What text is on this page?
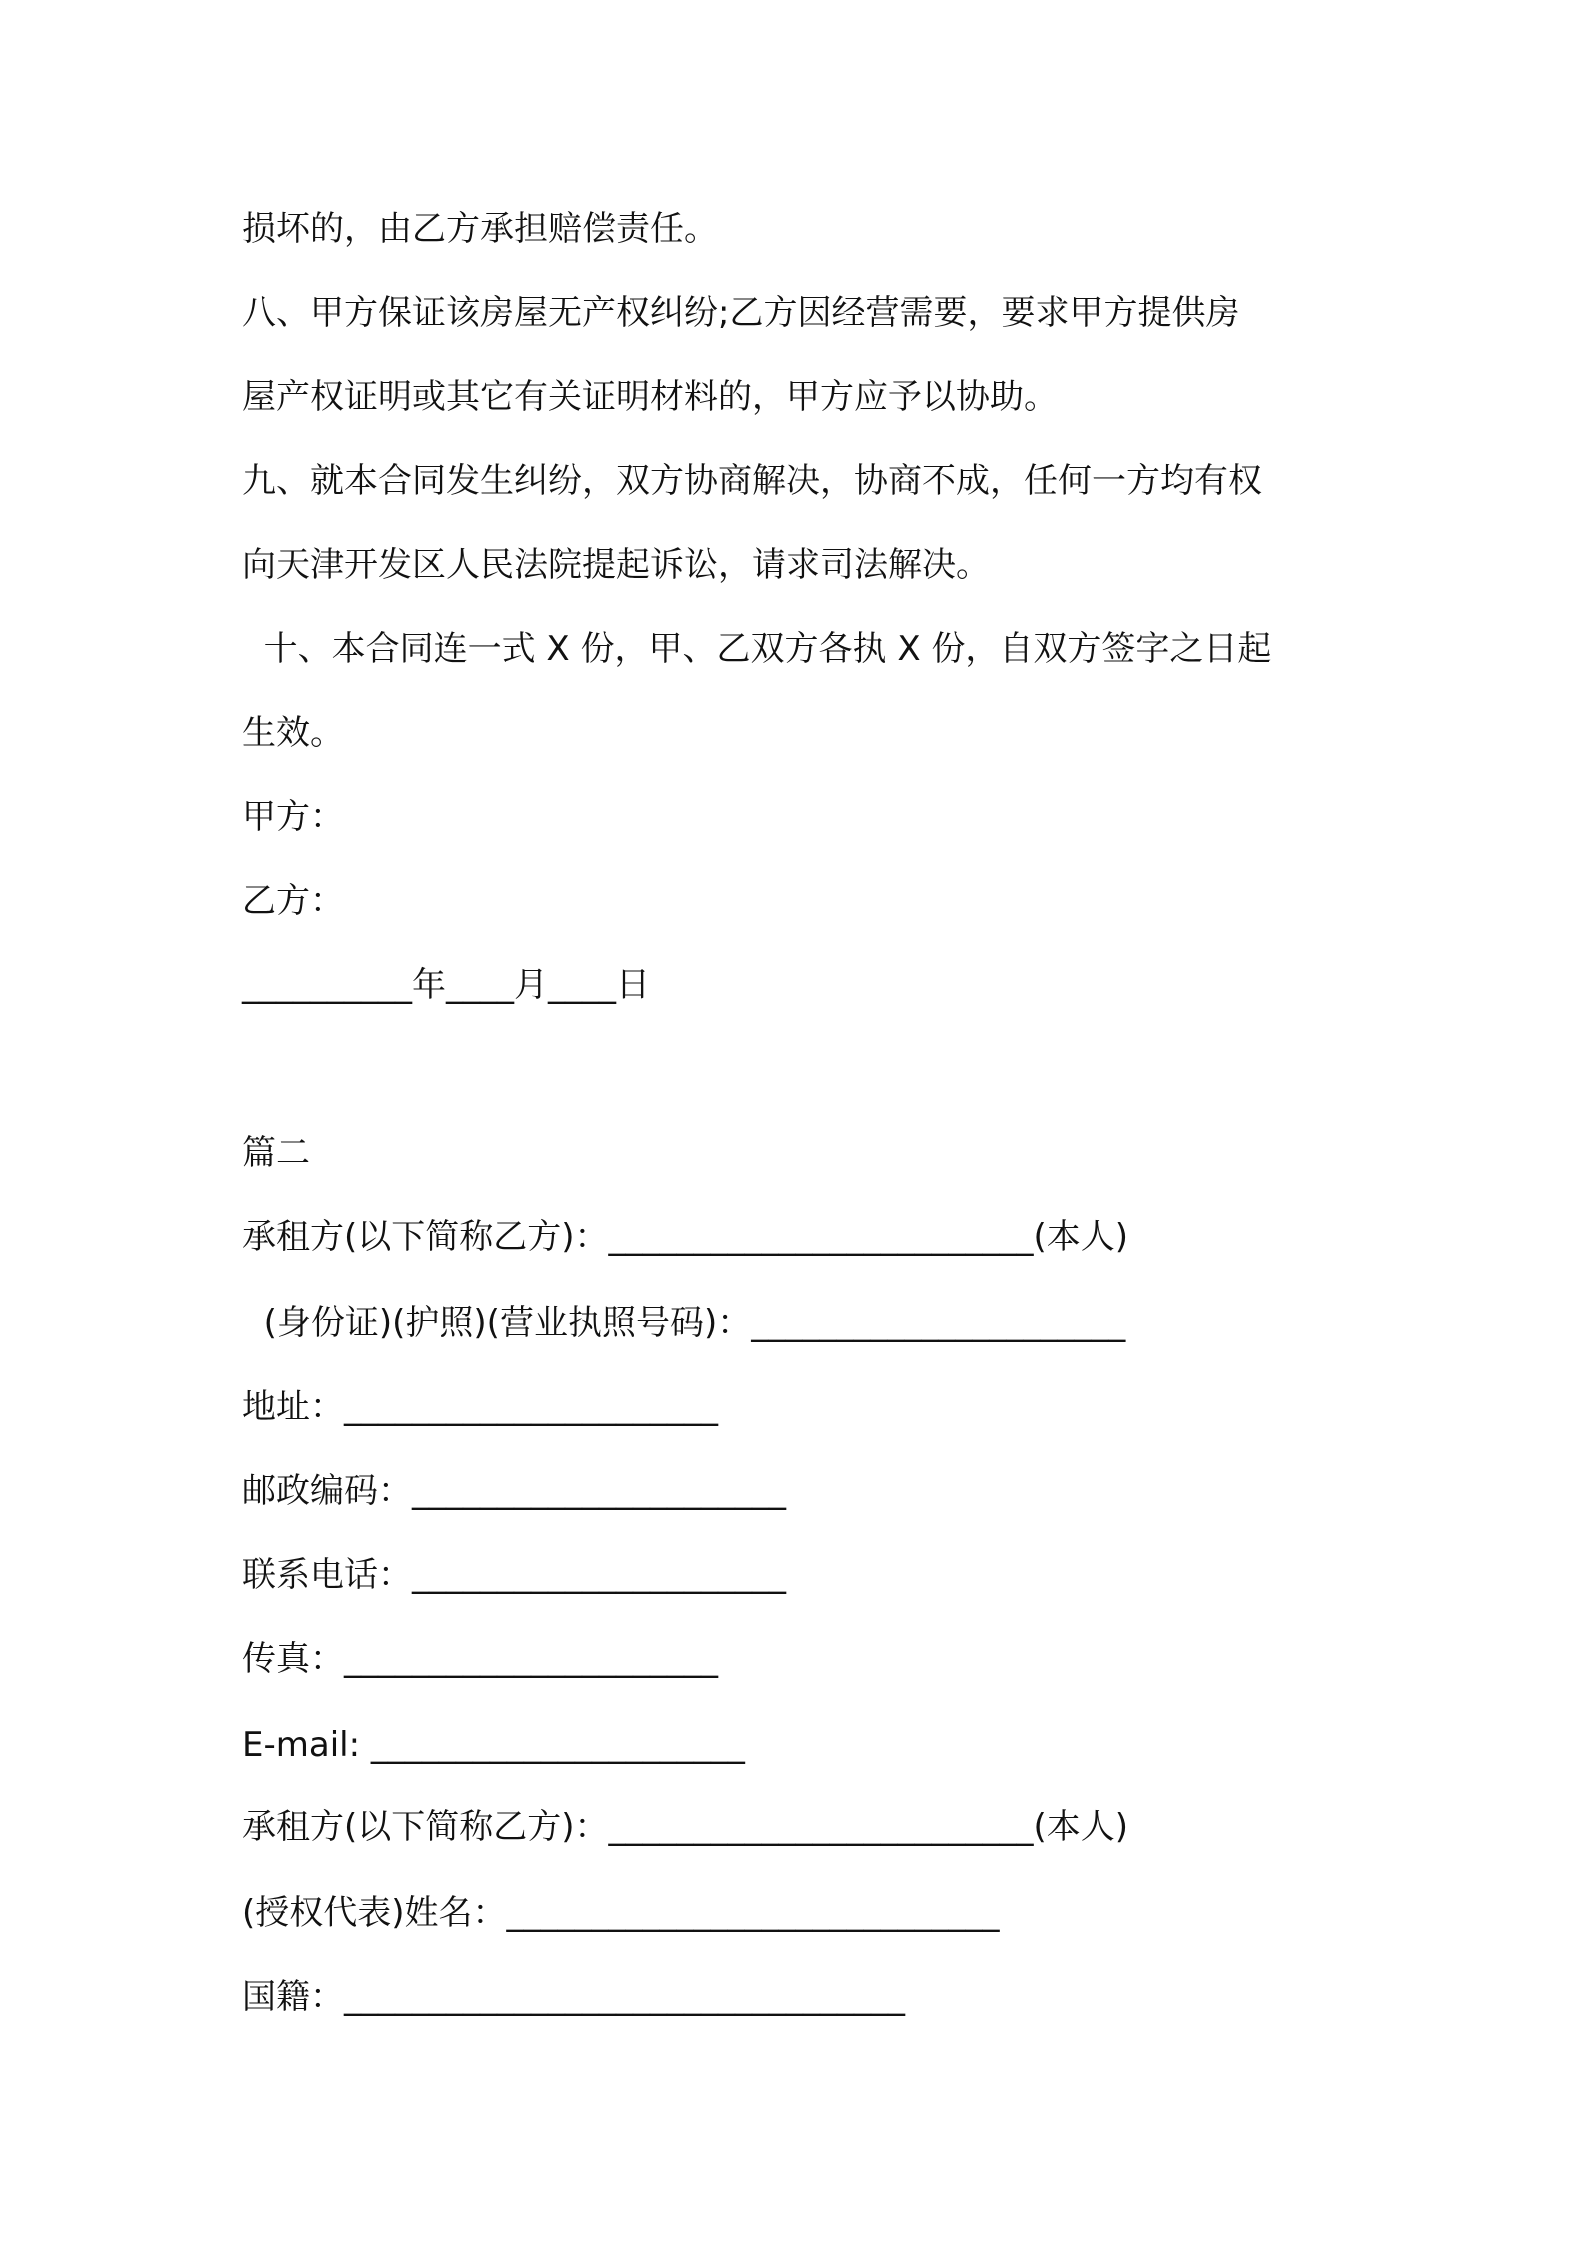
损坏的，由乙方承担赔偿责任。
八、甲方保证该房屋无产权纠纷;乙方因经营需要，要求甲方提供房
屋产权证明或其它有关证明材料的，甲方应予以协助。
九、就本合同发生纠纷，双方协商解决，协商不成，任何一方均有权
向天津开发区人民法院提起诉讼，请求司法解决。
十、本合同连一式 X 份，甲、乙双方各执 X 份，自双方签字之日起
生效。
甲方：
乙方：
__________年____月____日
篇二
承租方(以下简称乙方)：_________________________(本人)
(身份证)(护照)(营业执照号码)：______________________
地址：______________________
邮政编码：______________________
联系电话：______________________
传真：______________________
E-mail: ______________________
承租方(以下简称乙方)：_________________________(本人)
(授权代表)姓名：_____________________________
国籍：_________________________________
